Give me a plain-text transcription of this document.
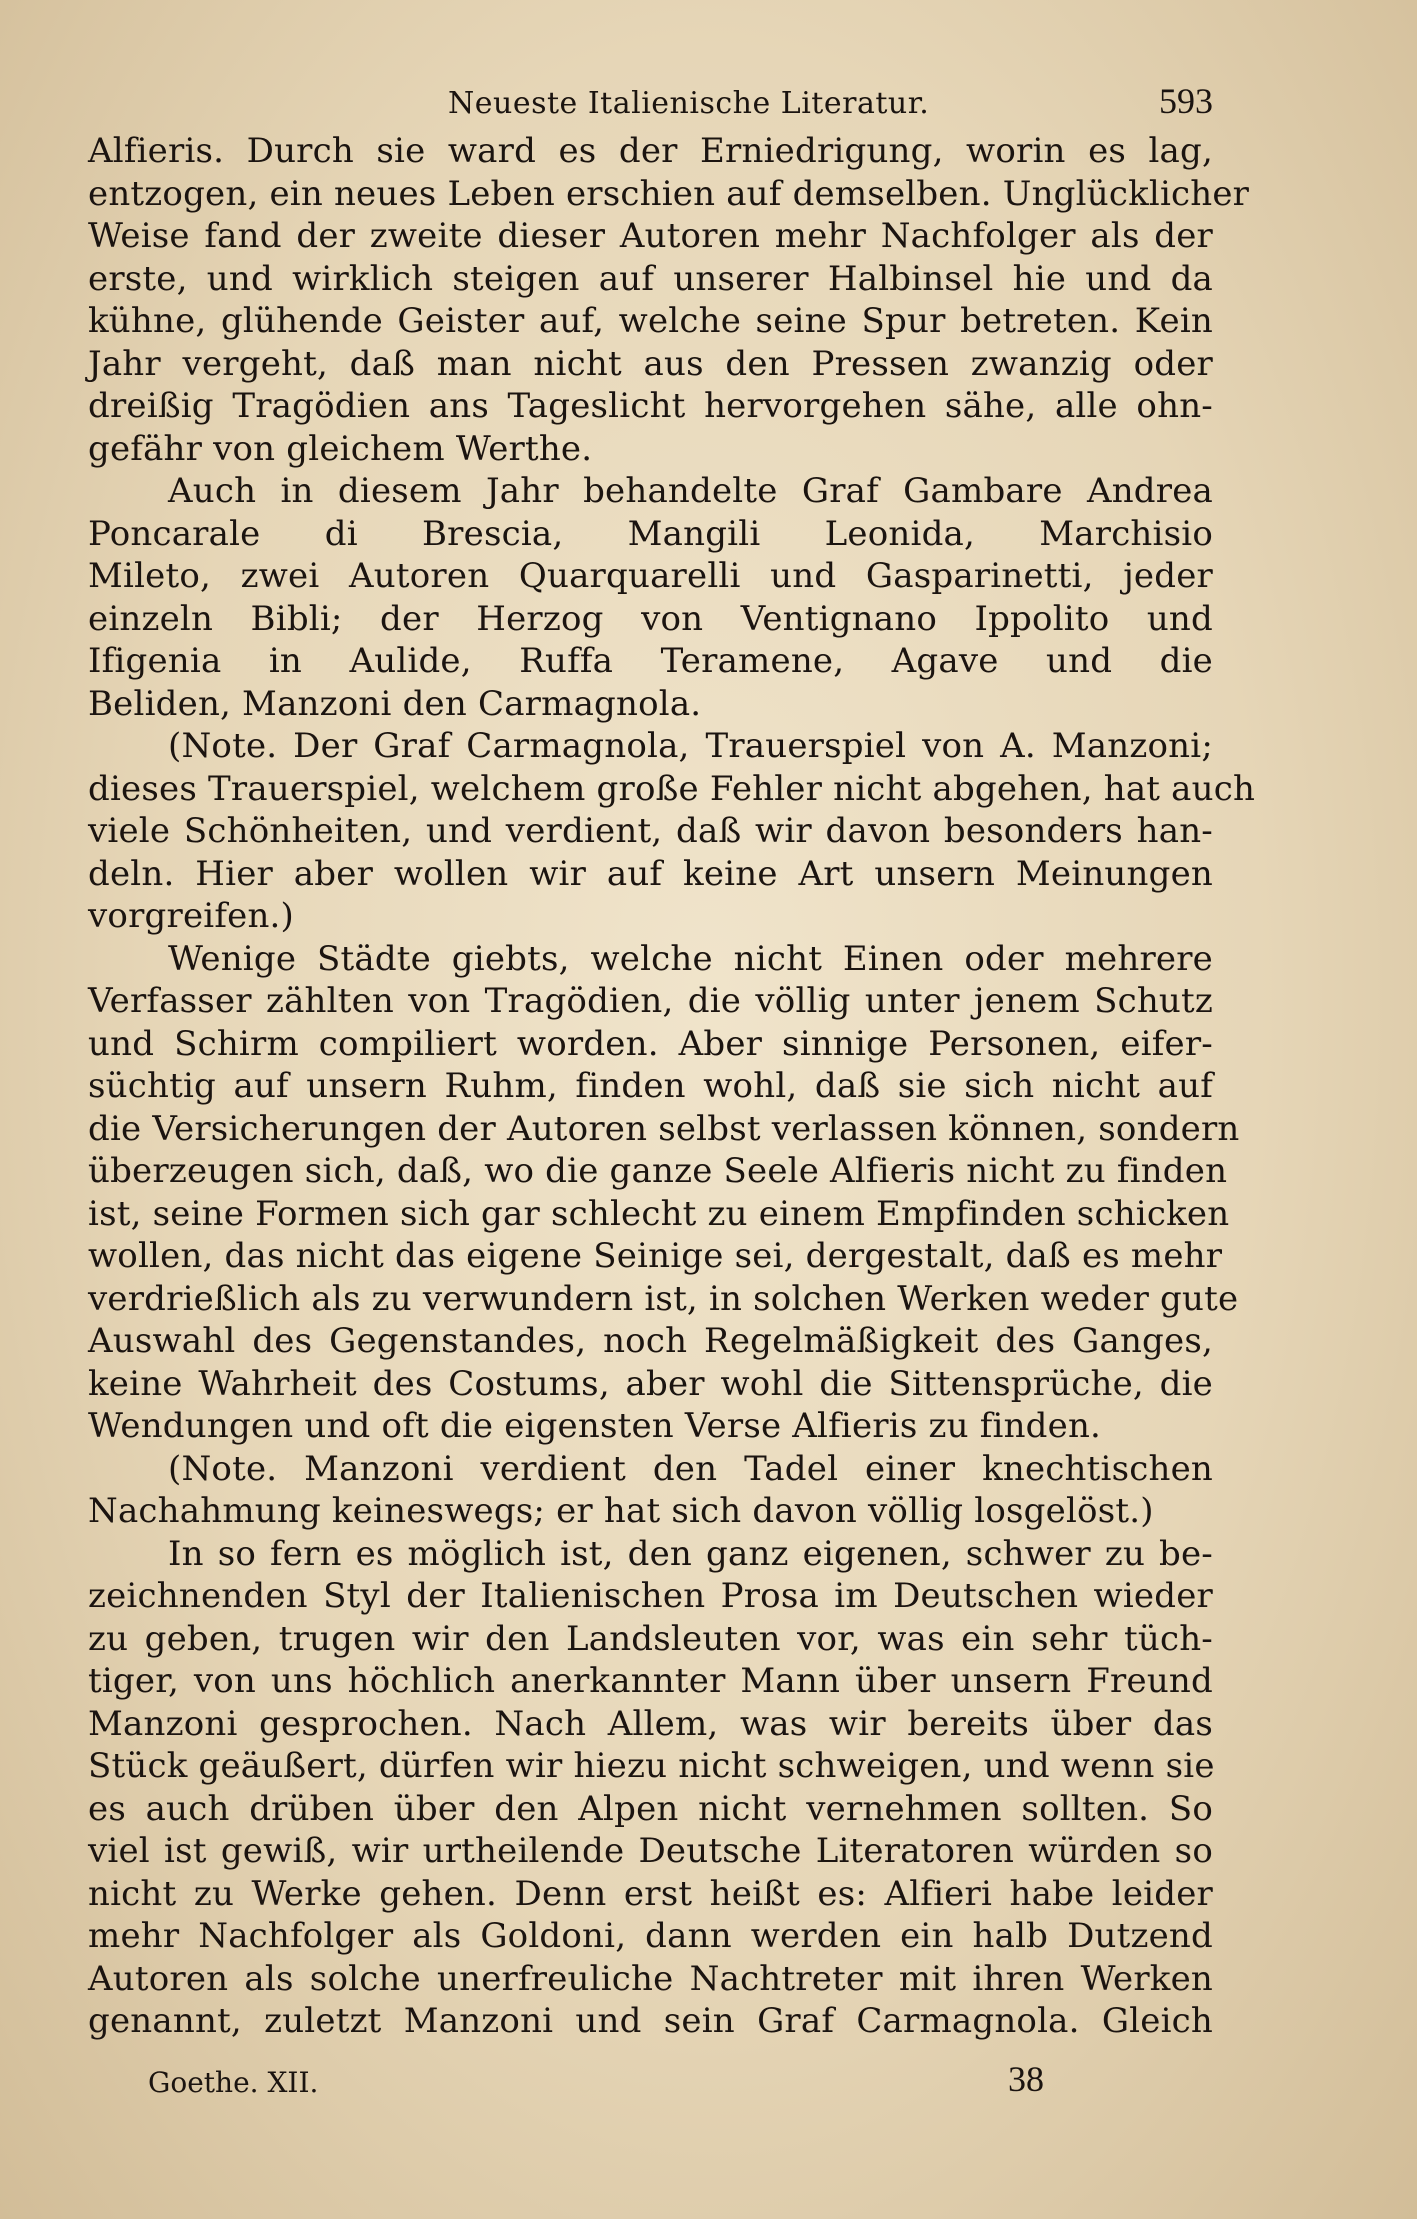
Neueste Italienische Literatur.	593
Alfieris. Durch sie ward es der Erniedrigung, worin es lag,
entzogen, ein neues Leben erschien auf demselben. Unglücklicher
Weise fand der zweite dieser Autoren mehr Nachfolger als der
erste, und wirklich steigen auf unserer Halbinsel hie und da
kühne, glühende Geister auf, welche seine Spur betreten. Kein
Jahr vergeht, daß man nicht aus den Pressen zwanzig oder
dreißig Tragödien ans Tageslicht hervorgehen sähe, alle ohn-
gefähr von gleichem Werthe.
Auch in diesem Jahr behandelte Graf Gambare Andrea
Poncarale di Brescia, Mangili Leonida, Marchisio
Mileto, zwei Autoren Quarquarelli und Gasparinetti, jeder
einzeln Bibli; der Herzog von Ventignano Ippolito und
Ifigenia in Aulide, Ruffa Teramene, Agave und die
Beliden, Manzoni den Carmagnola.
(Note. Der Graf Carmagnola, Trauerspiel von A. Manzoni;
dieses Trauerspiel, welchem große Fehler nicht abgehen, hat auch
viele Schönheiten, und verdient, daß wir davon besonders han-
deln. Hier aber wollen wir auf keine Art unsern Meinungen
vorgreifen.)
Wenige Städte giebts, welche nicht Einen oder mehrere
Verfasser zählten von Tragödien, die völlig unter jenem Schutz
und Schirm compiliert worden. Aber sinnige Personen, eifer-
süchtig auf unsern Ruhm, finden wohl, daß sie sich nicht auf
die Versicherungen der Autoren selbst verlassen können, sondern
überzeugen sich, daß, wo die ganze Seele Alfieris nicht zu finden
ist, seine Formen sich gar schlecht zu einem Empfinden schicken
wollen, das nicht das eigene Seinige sei, dergestalt, daß es mehr
verdrießlich als zu verwundern ist, in solchen Werken weder gute
Auswahl des Gegenstandes, noch Regelmäßigkeit des Ganges,
keine Wahrheit des Costums, aber wohl die Sittensprüche, die
Wendungen und oft die eigensten Verse Alfieris zu finden.
(Note. Manzoni verdient den Tadel einer knechtischen
Nachahmung keineswegs; er hat sich davon völlig losgelöst.)
In so fern es möglich ist, den ganz eigenen, schwer zu be-
zeichnenden Styl der Italienischen Prosa im Deutschen wieder
zu geben, trugen wir den Landsleuten vor, was ein sehr tüch-
tiger, von uns höchlich anerkannter Mann über unsern Freund
Manzoni gesprochen. Nach Allem, was wir bereits über das
Stück geäußert, dürfen wir hiezu nicht schweigen, und wenn sie
es auch drüben über den Alpen nicht vernehmen sollten. So
viel ist gewiß, wir urtheilende Deutsche Literatoren würden so
nicht zu Werke gehen. Denn erst heißt es: Alfieri habe leider
mehr Nachfolger als Goldoni, dann werden ein halb Dutzend
Autoren als solche unerfreuliche Nachtreter mit ihren Werken
genannt, zuletzt Manzoni und sein Graf Carmagnola. Gleich
Goethe. XII.	38
